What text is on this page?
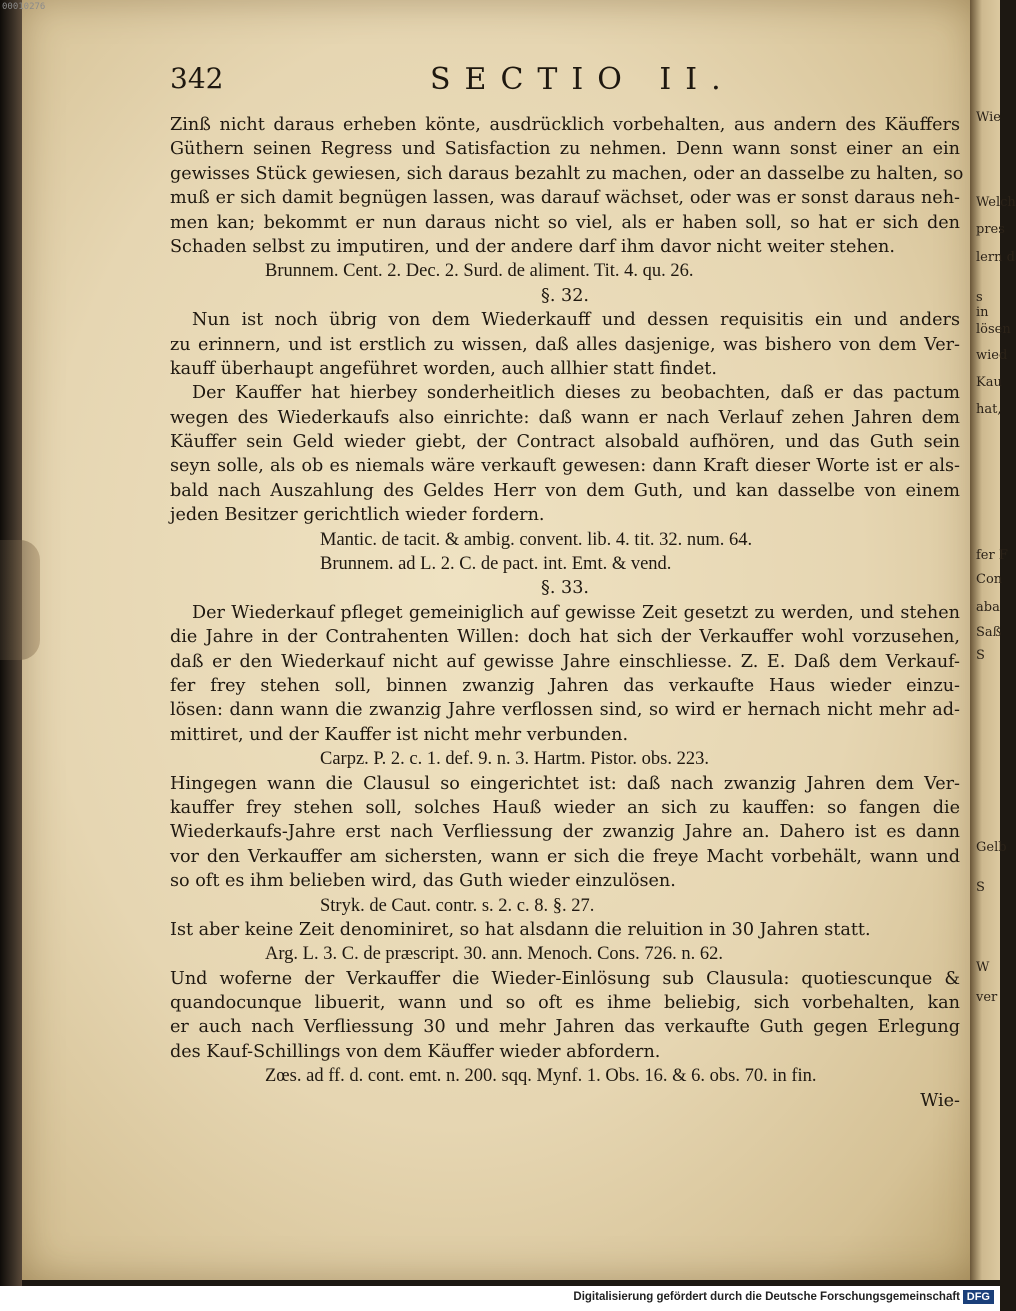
342	SECTIO II.
Zinß nicht daraus erheben könte, ausdrücklich vorbehalten, aus andern des Käuffers
Güthern seinen Regress und Satisfaction zu nehmen. Denn wann sonst einer an ein
gewisses Stück gewiesen, sich daraus bezahlt zu machen, oder an dasselbe zu halten, so
muß er sich damit begnügen lassen, was darauf wächset, oder was er sonst daraus neh-
men kan; bekommt er nun daraus nicht so viel, als er haben soll, so hat er sich den
Schaden selbst zu imputiren, und der andere darf ihm davor nicht weiter stehen.
Brunnem. Cent. 2. Dec. 2. Surd. de aliment. Tit. 4. qu. 26.
§. 32.
Nun ist noch übrig von dem Wiederkauff und dessen requisitis ein und anders
zu erinnern, und ist erstlich zu wissen, daß alles dasjenige, was bishero von dem Ver-
kauff überhaupt angeführet worden, auch allhier statt findet.
Der Kauffer hat hierbey sonderheitlich dieses zu beobachten, daß er das pactum
wegen des Wiederkaufs also einrichte: daß wann er nach Verlauf zehen Jahren dem
Käuffer sein Geld wieder giebt, der Contract alsobald aufhören, und das Guth sein
seyn solle, als ob es niemals wäre verkauft gewesen: dann Kraft dieser Worte ist er als-
bald nach Auszahlung des Geldes Herr von dem Guth, und kan dasselbe von einem
jeden Besitzer gerichtlich wieder fordern.
Mantic. de tacit. & ambig. convent. lib. 4. tit. 32. num. 64.
Brunnem. ad L. 2. C. de pact. int. Emt. & vend.
§. 33.
Der Wiederkauf pfleget gemeiniglich auf gewisse Zeit gesetzt zu werden, und stehen
die Jahre in der Contrahenten Willen: doch hat sich der Verkauffer wohl vorzusehen,
daß er den Wiederkauf nicht auf gewisse Jahre einschliesse. Z. E. Daß dem Verkauf-
fer frey stehen soll, binnen zwanzig Jahren das verkaufte Haus wieder einzu-
lösen: dann wann die zwanzig Jahre verflossen sind, so wird er hernach nicht mehr ad-
mittiret, und der Kauffer ist nicht mehr verbunden.
Carpz. P. 2. c. 1. def. 9. n. 3. Hartm. Pistor. obs. 223.
Hingegen wann die Clausul so eingerichtet ist: daß nach zwanzig Jahren dem Ver-
kauffer frey stehen soll, solches Hauß wieder an sich zu kauffen: so fangen die
Wiederkaufs-Jahre erst nach Verfliessung der zwanzig Jahre an. Dahero ist es dann
vor den Verkauffer am sichersten, wann er sich die freye Macht vorbehält, wann und
so oft es ihm belieben wird, das Guth wieder einzulösen.
Stryk. de Caut. contr. s. 2. c. 8. §. 27.
Ist aber keine Zeit denominiret, so hat alsdann die reluition in 30 Jahren statt.
Arg. L. 3. C. de præscript. 30. ann. Menoch. Cons. 726. n. 62.
Und woferne der Verkauffer die Wieder-Einlösung sub Clausula: quotiescunque &
quandocunque libuerit, wann und so oft es ihme beliebig, sich vorbehalten, kan
er auch nach Verfliessung 30 und mehr Jahren das verkaufte Guth gegen Erlegung
des Kauf-Schillings von dem Käuffer wieder abfordern.
Zœs. ad ff. d. cont. emt. n. 200. sqq. Mynf. 1. Obs. 16. & 6. obs. 70. in fin.
Wie-
Wie
Welch
pres
lern d
s
in
lösen
wied
Kau
hat,
fer F
Con
aba
Saß
S
Gelb
S
W
ver
00010276
Digitalisierung gefördert durch die Deutsche Forschungsgemeinschaft DFG
